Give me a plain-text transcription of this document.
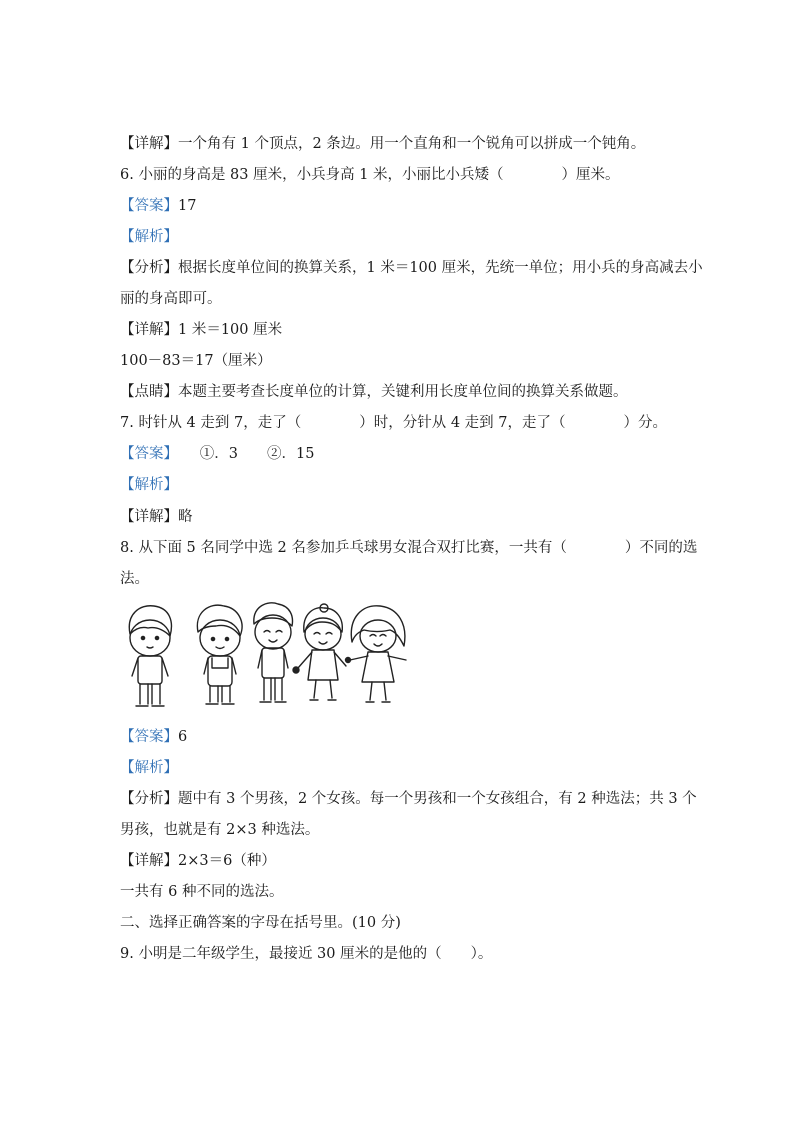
【详解】一个角有 1 个顶点，2 条边。用一个直角和一个锐角可以拼成一个钝角。
6. 小丽的身高是 83 厘米，小兵身高 1 米，小丽比小兵矮（　　　　）厘米。
【答案】17
【解析】
【分析】根据长度单位间的换算关系，1 米＝100 厘米，先统一单位；用小兵的身高减去小
丽的身高即可。
【详解】1 米＝100 厘米
100－83＝17（厘米）
【点睛】本题主要考查长度单位的计算，关键利用长度单位间的换算关系做题。
7. 时针从 4 走到 7，走了（　　　　）时，分针从 4 走到 7，走了（　　　　）分。
【答案】　　①．3　　②．15
【解析】
【详解】略
8. 从下面 5 名同学中选 2 名参加乒乓球男女混合双打比赛，一共有（　　　　）不同的选
法。
【答案】6
【解析】
【分析】题中有 3 个男孩，2 个女孩。每一个男孩和一个女孩组合，有 2 种选法；共 3 个
男孩，也就是有 2×3 种选法。
【详解】2×3＝6（种）
一共有 6 种不同的选法。
二、选择正确答案的字母在括号里。(10 分)
9. 小明是二年级学生，最接近 30 厘米的是他的（　　）。
